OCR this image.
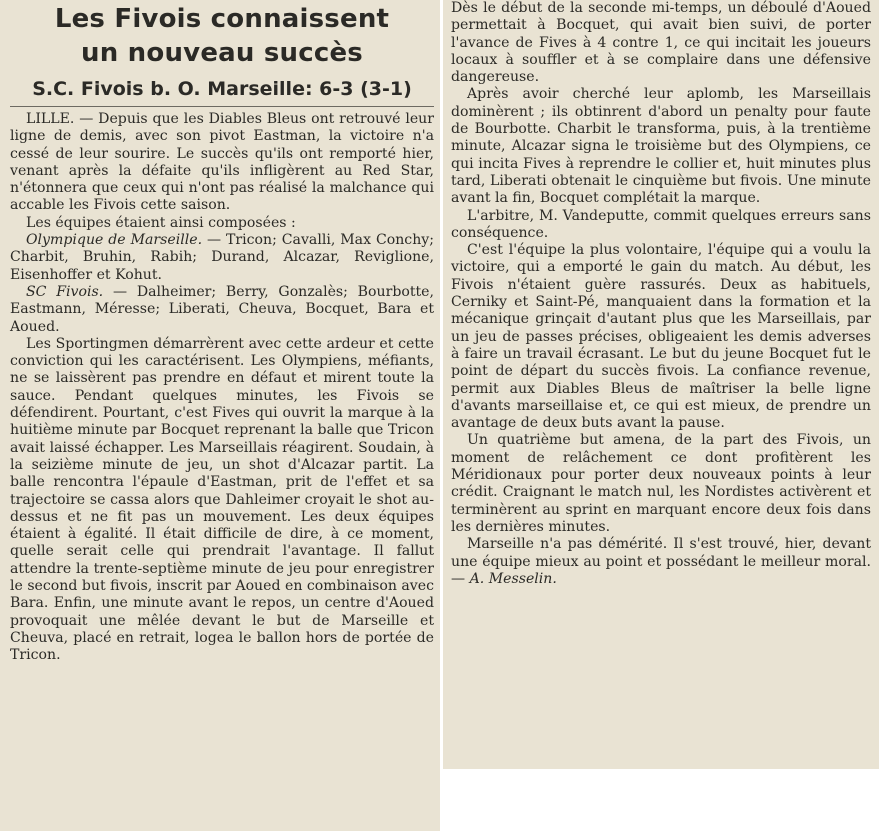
Les Fivois connaissent
un nouveau succès
S.C. Fivois b. O. Marseille: 6-3 (3-1)

LILLE. — Depuis que les Diables Bleus ont retrouvé leur ligne de demis, avec son pivot Eastman, la victoire n'a cessé de leur sourire. Le succès qu'ils ont remporté hier, venant après la défaite qu'ils infligèrent au Red Star, n'étonnera que ceux qui n'ont pas réalisé la malchance qui accable les Fivois cette saison.

Les équipes étaient ainsi composées :

Olympique de Marseille. — Tricon; Cavalli, Max Conchy; Charbit, Bruhin, Rabih; Durand, Alcazar, Reviglione, Eisenhoffer et Kohut.

SC Fivois. — Dalheimer; Berry, Gonzalès; Bourbotte, Eastmann, Méresse; Liberati, Cheuva, Bocquet, Bara et Aoued.

Les Sportingmen démarrèrent avec cette ardeur et cette conviction qui les caractérisent. Les Olympiens, méfiants, ne se laissèrent pas prendre en défaut et mirent toute la sauce. Pendant quelques minutes, les Fivois se défendirent. Pourtant, c'est Fives qui ouvrit la marque à la huitième minute par Bocquet reprenant la balle que Tricon avait laissé échapper. Les Marseillais réagirent. Soudain, à la seizième minute de jeu, un shot d'Alcazar partit. La balle rencontra l'épaule d'Eastman, prit de l'effet et sa trajectoire se cassa alors que Dahleimer croyait le shot au-dessus et ne fit pas un mouvement. Les deux équipes étaient à égalité. Il était difficile de dire, à ce moment, quelle serait celle qui prendrait l'avantage. Il fallut attendre la trente-septième minute de jeu pour enregistrer le second but fivois, inscrit par Aoued en combinaison avec Bara. Enfin, une minute avant le repos, un centre d'Aoued provoquait une mêlée devant le but de Marseille et Cheuva, placé en retrait, logea le ballon hors de portée de Tricon.

Dès le début de la seconde mi-temps, un déboulé d'Aoued permettait à Bocquet, qui avait bien suivi, de porter l'avance de Fives à 4 contre 1, ce qui incitait les joueurs locaux à souffler et à se complaire dans une défensive dangereuse.

Après avoir cherché leur aplomb, les Marseillais dominèrent ; ils obtinrent d'abord un penalty pour faute de Bourbotte. Charbit le transforma, puis, à la trentième minute, Alcazar signa le troisième but des Olympiens, ce qui incita Fives à reprendre le collier et, huit minutes plus tard, Liberati obtenait le cinquième but fivois. Une minute avant la fin, Bocquet complétait la marque.

L'arbitre, M. Vandeputte, commit quelques erreurs sans conséquence.

C'est l'équipe la plus volontaire, l'équipe qui a voulu la victoire, qui a emporté le gain du match. Au début, les Fivois n'étaient guère rassurés. Deux as habituels, Cerniky et Saint-Pé, manquaient dans la formation et la mécanique grinçait d'autant plus que les Marseillais, par un jeu de passes précises, obligeaient les demis adverses à faire un travail écrasant. Le but du jeune Bocquet fut le point de départ du succès fivois. La confiance revenue, permit aux Diables Bleus de maîtriser la belle ligne d'avants marseillaise et, ce qui est mieux, de prendre un avantage de deux buts avant la pause.

Un quatrième but amena, de la part des Fivois, un moment de relâchement ce dont profitèrent les Méridionaux pour porter deux nouveaux points à leur crédit. Craignant le match nul, les Nordistes activèrent et terminèrent au sprint en marquant encore deux fois dans les dernières minutes.

Marseille n'a pas démérité. Il s'est trouvé, hier, devant une équipe mieux au point et possédant le meilleur moral. — A. Messelin.
